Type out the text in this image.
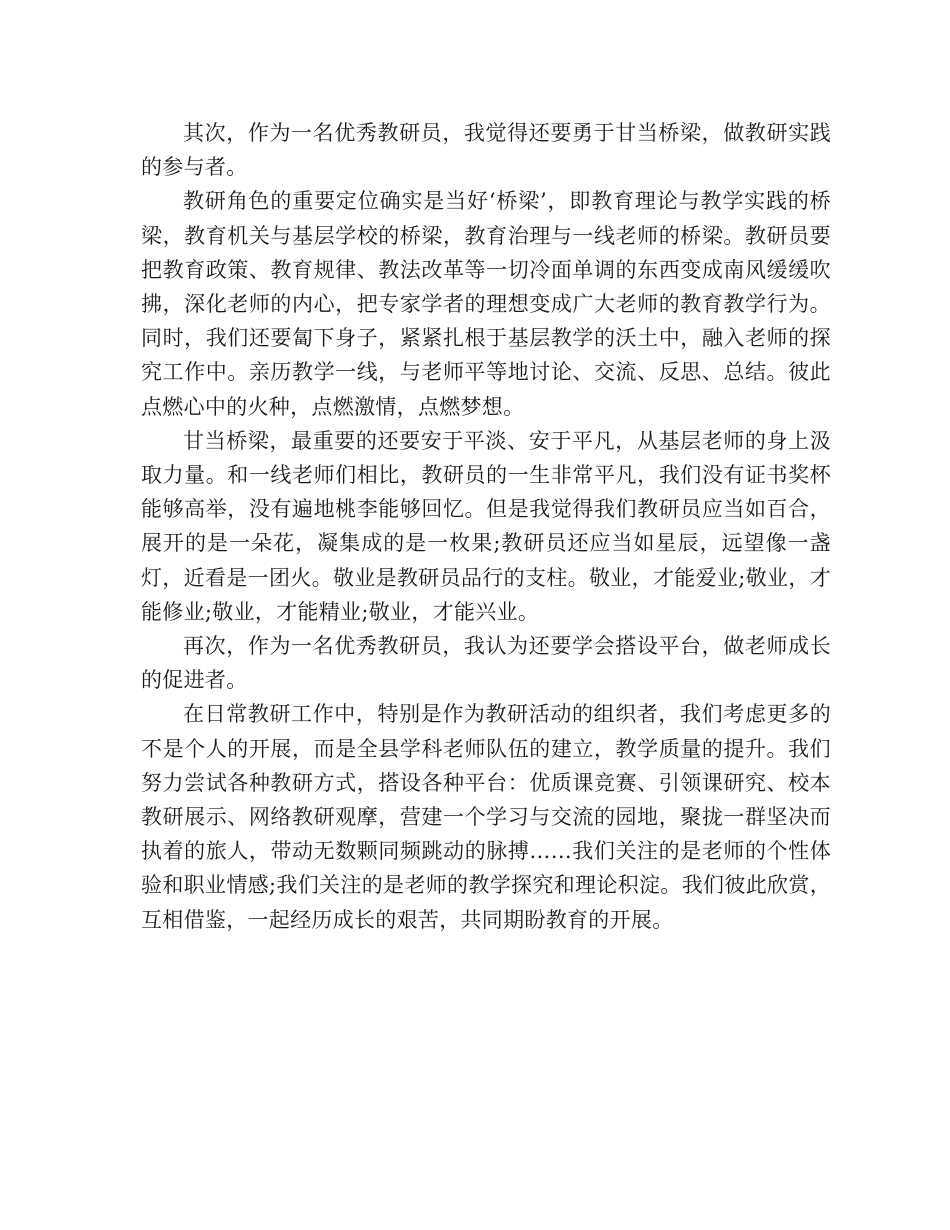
其次，作为一名优秀教研员，我觉得还要勇于甘当桥梁，做教研实践的参与者。

教研角色的重要定位确实是当好‘桥梁’，即教育理论与教学实践的桥梁，教育机关与基层学校的桥梁，教育治理与一线老师的桥梁。教研员要把教育政策、教育规律、教法改革等一切冷面单调的东西变成南风缓缓吹拂，深化老师的内心，把专家学者的理想变成广大老师的教育教学行为。同时，我们还要匐下身子，紧紧扎根于基层教学的沃土中，融入老师的探究工作中。亲历教学一线，与老师平等地讨论、交流、反思、总结。彼此点燃心中的火种，点燃激情，点燃梦想。

甘当桥梁，最重要的还要安于平淡、安于平凡，从基层老师的身上汲取力量。和一线老师们相比，教研员的一生非常平凡，我们没有证书奖杯能够高举，没有遍地桃李能够回忆。但是我觉得我们教研员应当如百合，展开的是一朵花，凝集成的是一枚果;教研员还应当如星辰，远望像一盏灯，近看是一团火。敬业是教研员品行的支柱。敬业，才能爱业;敬业，才能修业;敬业，才能精业;敬业，才能兴业。

再次，作为一名优秀教研员，我认为还要学会搭设平台，做老师成长的促进者。

在日常教研工作中，特别是作为教研活动的组织者，我们考虑更多的不是个人的开展，而是全县学科老师队伍的建立，教学质量的提升。我们努力尝试各种教研方式，搭设各种平台：优质课竞赛、引领课研究、校本教研展示、网络教研观摩，营建一个学习与交流的园地，聚拢一群坚决而执着的旅人，带动无数颗同频跳动的脉搏……我们关注的是老师的个性体验和职业情感;我们关注的是老师的教学探究和理论积淀。我们彼此欣赏，互相借鉴，一起经历成长的艰苦，共同期盼教育的开展。
